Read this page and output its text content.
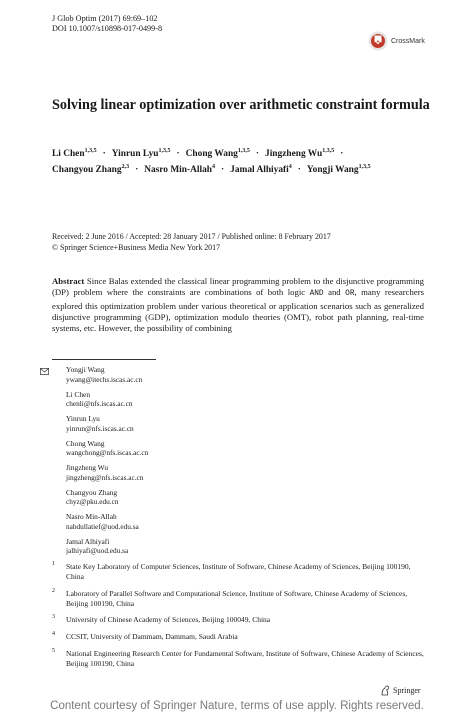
J Glob Optim (2017) 69:69–102
DOI 10.1007/s10898-017-0499-8
CrossMark
Solving linear optimization over arithmetic constraint formula
Li Chen$^{1,3,5}$ · Yinrun Lyu$^{1,3,5}$ · Chong Wang$^{1,3,5}$ · Jingzheng Wu$^{1,3,5}$ ·
Changyou Zhang$^{2,3}$ · Nasro Min-Allah$^4$ · Jamal Alhiyafi$^4$ · Yongji Wang$^{1,3,5}$
Received: 2 June 2016 / Accepted: 28 January 2017 / Published online: 8 February 2017
© Springer Science+Business Media New York 2017
Abstract Since Balas extended the classical linear programming problem to the disjunctive programming (DP) problem where the constraints are combinations of both logic AND and OR, many researchers explored this optimization problem under various theoretical or application scenarios such as generalized disjunctive programming (GDP), optimization modulo theories (OMT), robot path planning, real-time systems, etc. However, the possibility of combining
Yongji Wang
ywang@itechs.iscas.ac.cn
Li Chen
chenli@nfs.iscas.ac.cn
Yinrun Lyu
yinrun@nfs.iscas.ac.cn
Chong Wang
wangchong@nfs.iscas.ac.cn
Jingzheng Wu
jingzheng@nfs.iscas.ac.cn
Changyou Zhang
chyz@pku.edu.cn
Nasro Min-Allah
nabdullatief@uod.edu.sa
Jamal Alhiyafi
jalhiyafi@uod.edu.sa
1 State Key Laboratory of Computer Sciences, Institute of Software, Chinese Academy of Sciences, Beijing 100190, China
2 Laboratory of Parallel Software and Computational Science, Institute of Software, Chinese Academy of Sciences, Beijing 100190, China
3 University of Chinese Academy of Sciences, Beijing 100049, China
4 CCSIT, University of Dammam, Dammam, Saudi Arabia
5 National Engineering Research Center for Fundamental Software, Institute of Software, Chinese Academy of Sciences, Beijing 100190, China
Springer
Content courtesy of Springer Nature, terms of use apply. Rights reserved.
